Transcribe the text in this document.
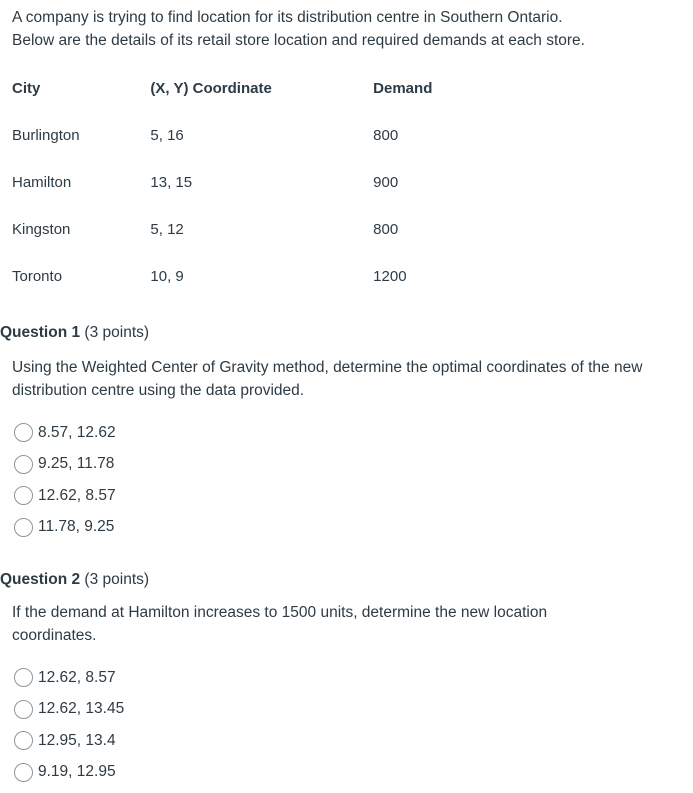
A company is trying to find location for its distribution centre in Southern Ontario.
Below are the details of its retail store location and required demands at each store.
City	(X, Y) Coordinate	Demand
Burlington	5, 16	800
Hamilton	13, 15	900
Kingston	5, 12	800
Toronto	10, 9	1200
Question 1 (3 points)

Using the Weighted Center of Gravity method, determine the optimal coordinates of the new distribution centre using the data provided.

8.57, 12.62
9.25, 11.78
12.62, 8.57
11.78, 9.25
Question 2 (3 points)

If the demand at Hamilton increases to 1500 units, determine the new location coordinates.

12.62, 8.57
12.62, 13.45
12.95, 13.4
9.19, 12.95
